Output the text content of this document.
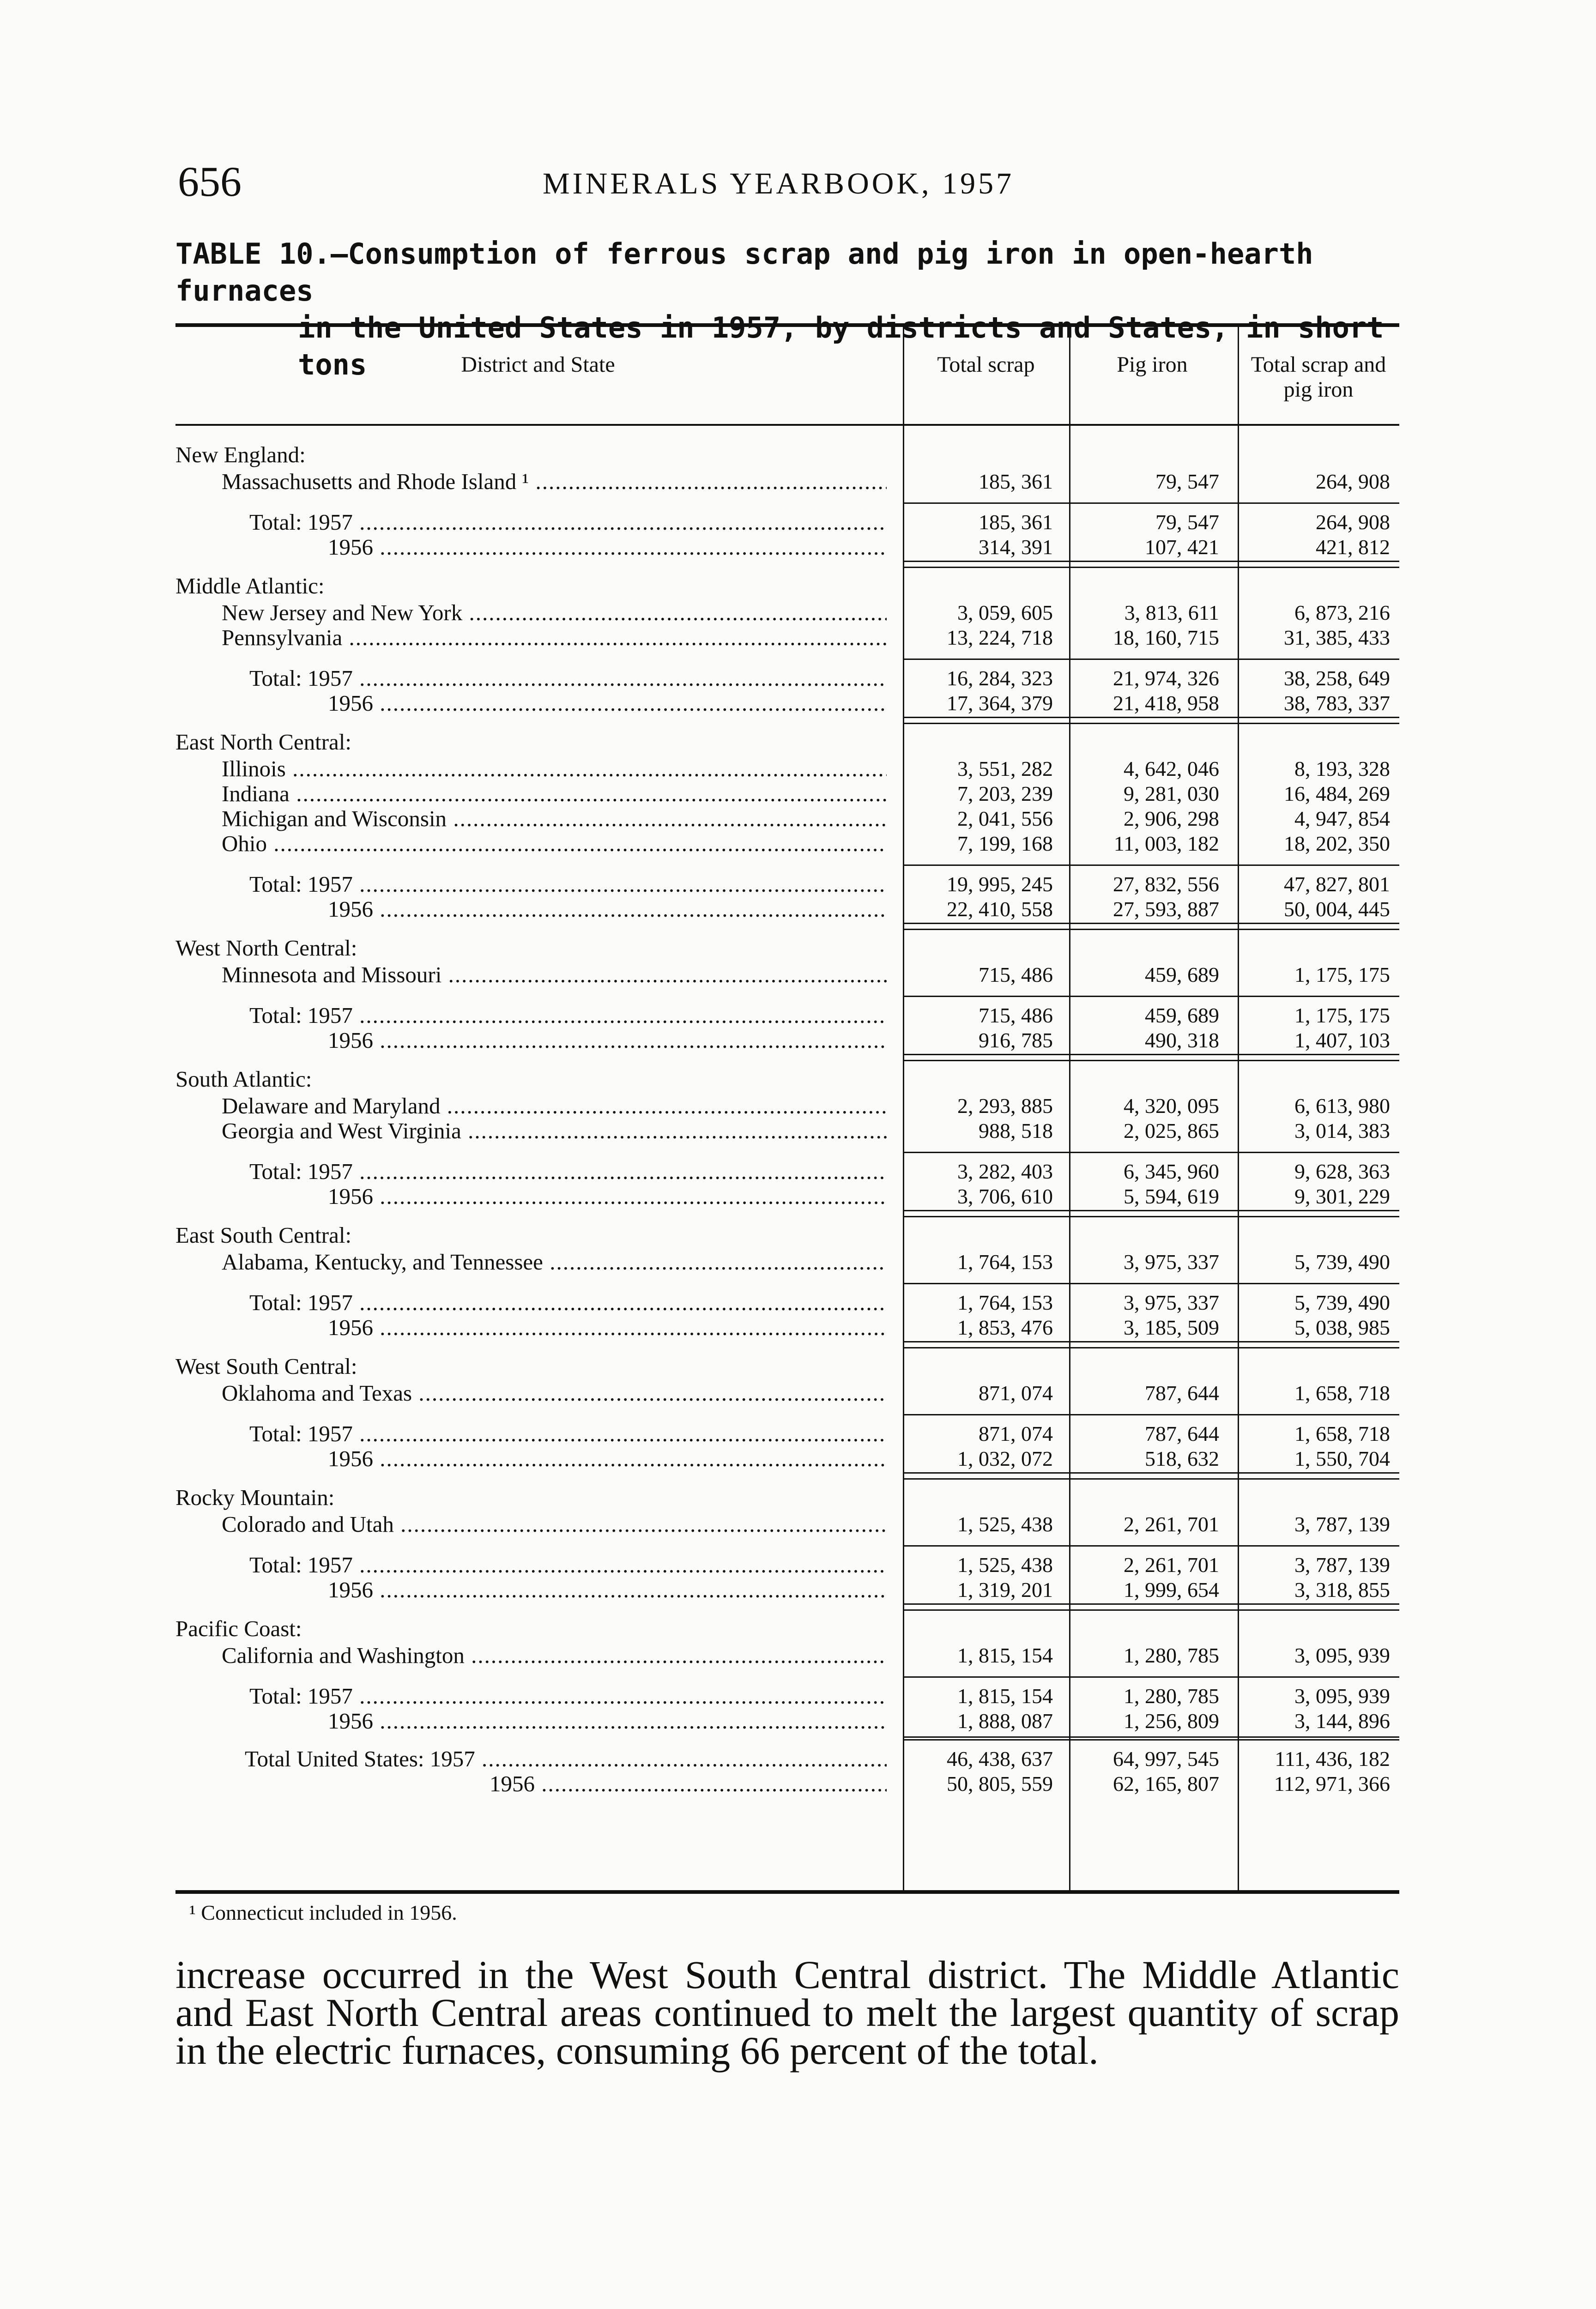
656	MINERALS YEARBOOK, 1957
TABLE 10.—Consumption of ferrous scrap and pig iron in open-hearth furnaces
in the United States in 1957, by districts and States, in short tons	District and State	Total scrap	Pig iron	Total scrap and pig iron
New England:
Massachusetts and Rhode Island ¹ .....	185, 361	79, 547	264, 908
Total: 1957 .....	185, 361	79, 547	264, 908
1956 .....	314, 391	107, 421	421, 812
Middle Atlantic:
New Jersey and New York .....	3, 059, 605	3, 813, 611	6, 873, 216
Pennsylvania .....	13, 224, 718	18, 160, 715	31, 385, 433
Total: 1957 .....	16, 284, 323	21, 974, 326	38, 258, 649
1956 .....	17, 364, 379	21, 418, 958	38, 783, 337
East North Central:
Illinois .....	3, 551, 282	4, 642, 046	8, 193, 328
Indiana .....	7, 203, 239	9, 281, 030	16, 484, 269
Michigan and Wisconsin .....	2, 041, 556	2, 906, 298	4, 947, 854
Ohio .....	7, 199, 168	11, 003, 182	18, 202, 350
Total: 1957 .....	19, 995, 245	27, 832, 556	47, 827, 801
1956 .....	22, 410, 558	27, 593, 887	50, 004, 445
West North Central:
Minnesota and Missouri .....	715, 486	459, 689	1, 175, 175
Total: 1957 .....	715, 486	459, 689	1, 175, 175
1956 .....	916, 785	490, 318	1, 407, 103
South Atlantic:
Delaware and Maryland .....	2, 293, 885	4, 320, 095	6, 613, 980
Georgia and West Virginia .....	988, 518	2, 025, 865	3, 014, 383
Total: 1957 .....	3, 282, 403	6, 345, 960	9, 628, 363
1956 .....	3, 706, 610	5, 594, 619	9, 301, 229
East South Central:
Alabama, Kentucky, and Tennessee .....	1, 764, 153	3, 975, 337	5, 739, 490
Total: 1957 .....	1, 764, 153	3, 975, 337	5, 739, 490
1956 .....	1, 853, 476	3, 185, 509	5, 038, 985
West South Central:
Oklahoma and Texas .....	871, 074	787, 644	1, 658, 718
Total: 1957 .....	871, 074	787, 644	1, 658, 718
1956 .....	1, 032, 072	518, 632	1, 550, 704
Rocky Mountain:
Colorado and Utah .....	1, 525, 438	2, 261, 701	3, 787, 139
Total: 1957 .....	1, 525, 438	2, 261, 701	3, 787, 139
1956 .....	1, 319, 201	1, 999, 654	3, 318, 855
Pacific Coast:
California and Washington .....	1, 815, 154	1, 280, 785	3, 095, 939
Total: 1957 .....	1, 815, 154	1, 280, 785	3, 095, 939
1956 .....	1, 888, 087	1, 256, 809	3, 144, 896
Total United States: 1957 .....	46, 438, 637	64, 997, 545	111, 436, 182
1956 .....	50, 805, 559	62, 165, 807	112, 971, 366
¹ Connecticut included in 1956.
increase occurred in the West South Central district. The Middle Atlantic and East North Central areas continued to melt the largest quantity of scrap in the electric furnaces, consuming 66 percent of the total.
